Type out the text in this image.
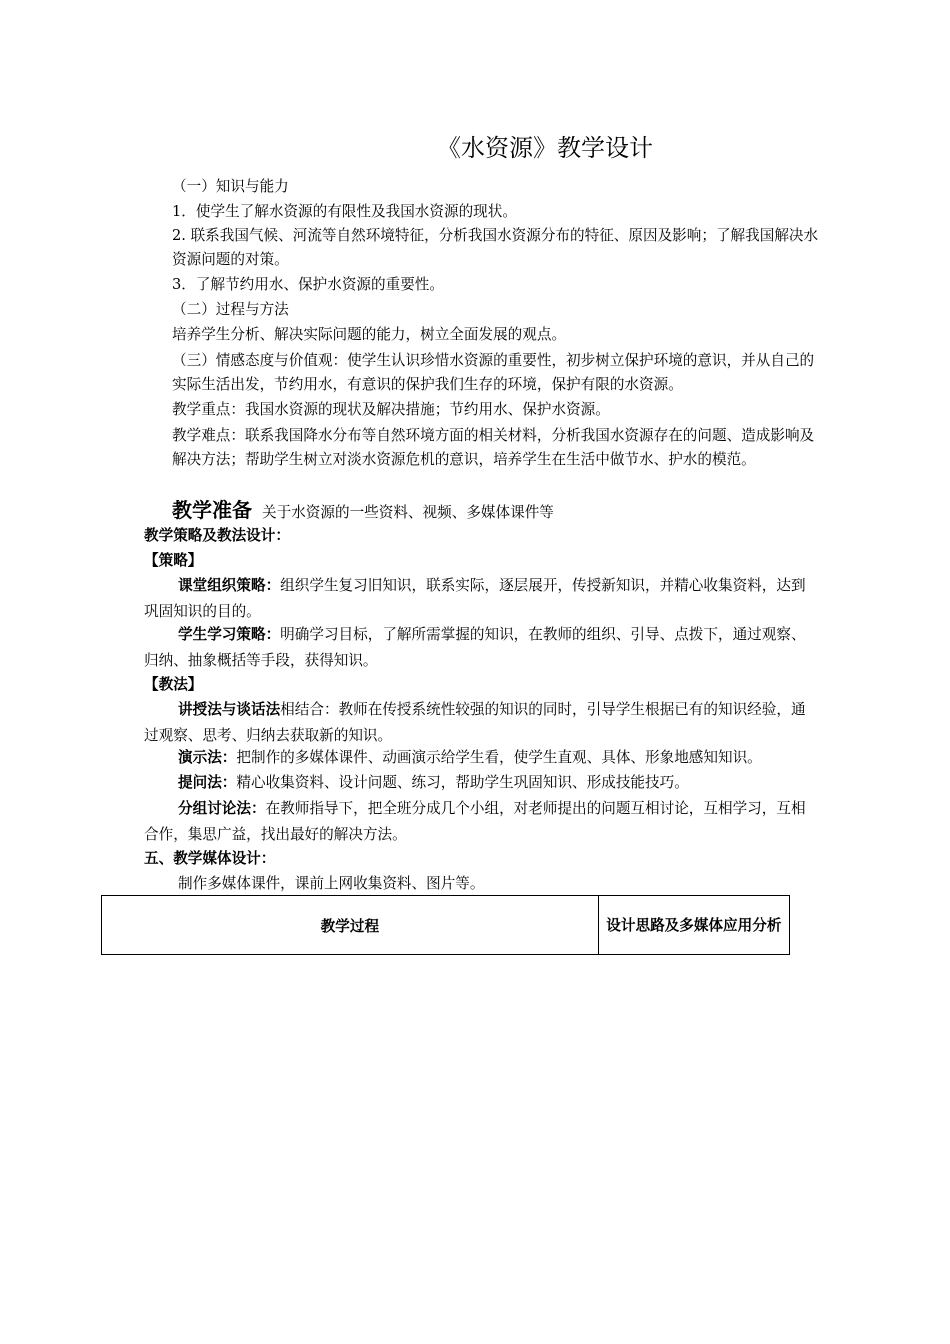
《水资源》教学设计
（一）知识与能力
1．使学生了解水资源的有限性及我国水资源的现状。
2. 联系我国气候、河流等自然环境特征，分析我国水资源分布的特征、原因及影响；了解我国解决水资源问题的对策。
3．了解节约用水、保护水资源的重要性。
（二）过程与方法
培养学生分析、解决实际问题的能力，树立全面发展的观点。
（三）情感态度与价值观：使学生认识珍惜水资源的重要性，初步树立保护环境的意识，并从自己的实际生活出发，节约用水，有意识的保护我们生存的环境，保护有限的水资源。
教学重点：我国水资源的现状及解决措施；节约用水、保护水资源。
教学难点：联系我国降水分布等自然环境方面的相关材料，分析我国水资源存在的问题、造成影响及解决方法；帮助学生树立对淡水资源危机的意识，培养学生在生活中做节水、护水的模范。
教学准备 关于水资源的一些资料、视频、多媒体课件等
教学策略及教法设计：
【策略】
课堂组织策略：组织学生复习旧知识，联系实际，逐层展开，传授新知识，并精心收集资料，达到巩固知识的目的。
学生学习策略：明确学习目标，了解所需掌握的知识，在教师的组织、引导、点拨下，通过观察、归纳、抽象概括等手段，获得知识。
【教法】
讲授法与谈话法相结合：教师在传授系统性较强的知识的同时，引导学生根据已有的知识经验，通过观察、思考、归纳去获取新的知识。
演示法：把制作的多媒体课件、动画演示给学生看，使学生直观、具体、形象地感知知识。
提问法：精心收集资料、设计问题、练习，帮助学生巩固知识、形成技能技巧。
分组讨论法：在教师指导下，把全班分成几个小组，对老师提出的问题互相讨论，互相学习，互相合作，集思广益，找出最好的解决方法。
五、教学媒体设计：
制作多媒体课件，课前上网收集资料、图片等。
教学过程	设计思路及多媒体应用分析
